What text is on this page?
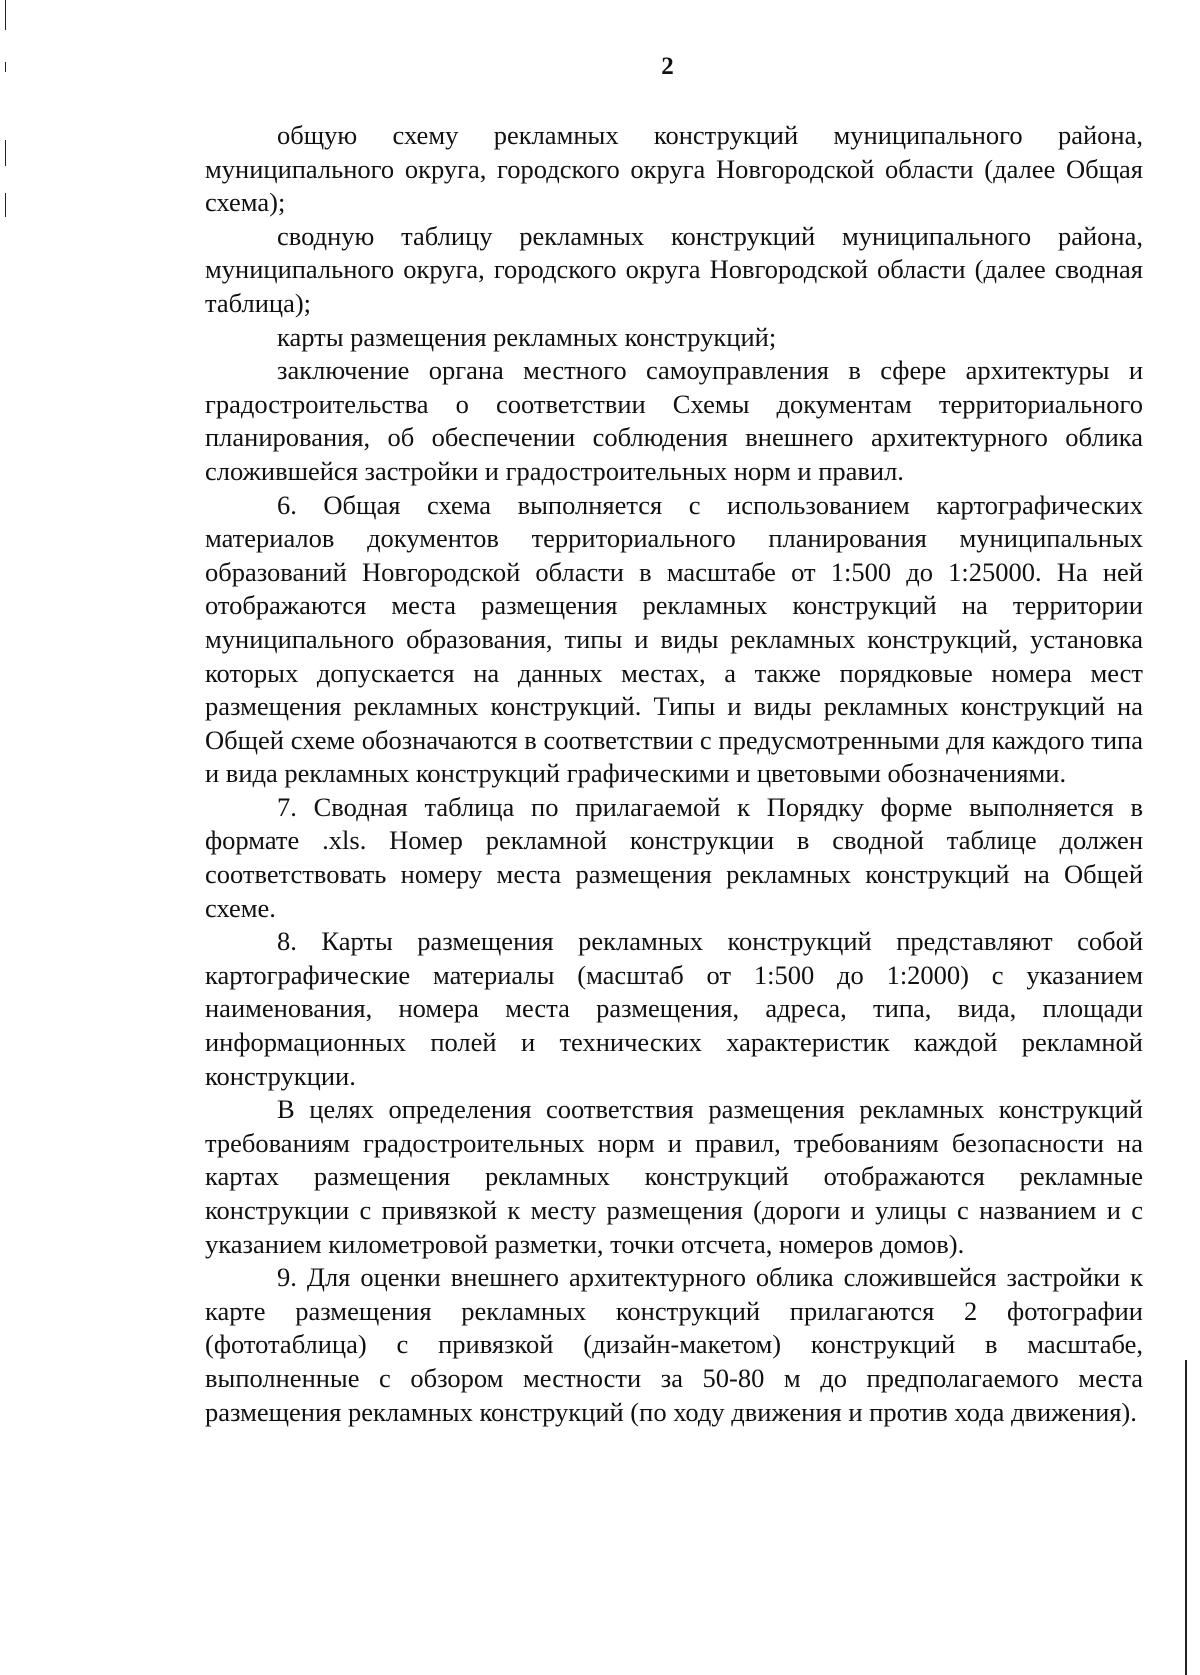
2

общую схему рекламных конструкций муниципального района, муниципального округа, городского округа Новгородской области (далее Общая схема);

сводную таблицу рекламных конструкций муниципального района, муниципального округа, городского округа Новгородской области (далее сводная таблица);

карты размещения рекламных конструкций;

заключение органа местного самоуправления в сфере архитектуры и градостроительства о соответствии Схемы документам территориального планирования, об обеспечении соблюдения внешнего архитектурного облика сложившейся застройки и градостроительных норм и правил.

6. Общая схема выполняется с использованием картографических материалов документов территориального планирования муниципальных образований Новгородской области в масштабе от 1:500 до 1:25000. На ней отображаются места размещения рекламных конструкций на территории муниципального образования, типы и виды рекламных конструкций, установка которых допускается на данных местах, а также порядковые номера мест размещения рекламных конструкций. Типы и виды рекламных конструкций на Общей схеме обозначаются в соответствии с предусмотренными для каждого типа и вида рекламных конструкций графическими и цветовыми обозначениями.

7. Сводная таблица по прилагаемой к Порядку форме выполняется в формате .xls. Номер рекламной конструкции в сводной таблице должен соответствовать номеру места размещения рекламных конструкций на Общей схеме.

8. Карты размещения рекламных конструкций представляют собой картографические материалы (масштаб от 1:500 до 1:2000) с указанием наименования, номера места размещения, адреса, типа, вида, площади информационных полей и технических характеристик каждой рекламной конструкции.

В целях определения соответствия размещения рекламных конструкций требованиям градостроительных норм и правил, требованиям безопасности на картах размещения рекламных конструкций отображаются рекламные конструкции с привязкой к месту размещения (дороги и улицы с названием и с указанием километровой разметки, точки отсчета, номеров домов).

9. Для оценки внешнего архитектурного облика сложившейся застройки к карте размещения рекламных конструкций прилагаются 2 фотографии (фототаблица) с привязкой (дизайн-макетом) конструкций в масштабе, выполненные с обзором местности за 50-80 м до предполагаемого места размещения рекламных конструкций (по ходу движения и против хода движения).
